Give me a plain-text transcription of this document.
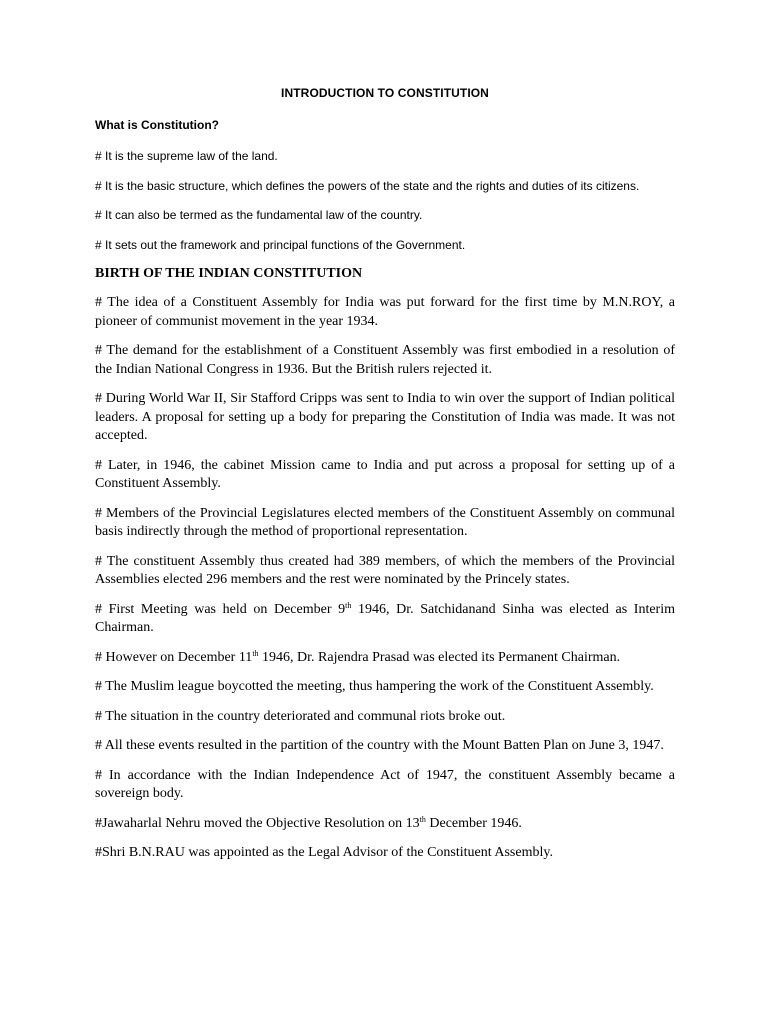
INTRODUCTION TO CONSTITUTION

What is Constitution?

# It is the supreme law of the land.

# It is the basic structure, which defines the powers of the state and the rights and duties of its citizens.

# It can also be termed as the fundamental law of the country.

# It sets out the framework and principal functions of the Government.

BIRTH OF THE INDIAN CONSTITUTION

# The idea of a Constituent Assembly for India was put forward for the first time by M.N.ROY, a pioneer of communist movement in the year 1934.

# The demand for the establishment of a Constituent Assembly was first embodied in a resolution of the Indian National Congress in 1936. But the British rulers rejected it.

# During World War II, Sir Stafford Cripps was sent to India to win over the support of Indian political leaders. A proposal for setting up a body for preparing the Constitution of India was made. It was not accepted.

# Later, in 1946, the cabinet Mission came to India and put across a proposal for setting up of a Constituent Assembly.

# Members of the Provincial Legislatures elected members of the Constituent Assembly on communal basis indirectly through the method of proportional representation.

# The constituent Assembly thus created had 389 members, of which the members of the Provincial Assemblies elected 296 members and the rest were nominated by the Princely states.

# First Meeting was held on December 9th 1946, Dr. Satchidanand Sinha was elected as Interim Chairman.

# However on December 11th 1946, Dr. Rajendra Prasad was elected its Permanent Chairman.

# The Muslim league boycotted the meeting, thus hampering the work of the Constituent Assembly.

# The situation in the country deteriorated and communal riots broke out.

# All these events resulted in the partition of the country with the Mount Batten Plan on June 3, 1947.

# In accordance with the Indian Independence Act of 1947, the constituent Assembly became a sovereign body.

#Jawaharlal Nehru moved the Objective Resolution on 13th December 1946.

#Shri B.N.RAU was appointed as the Legal Advisor of the Constituent Assembly.
